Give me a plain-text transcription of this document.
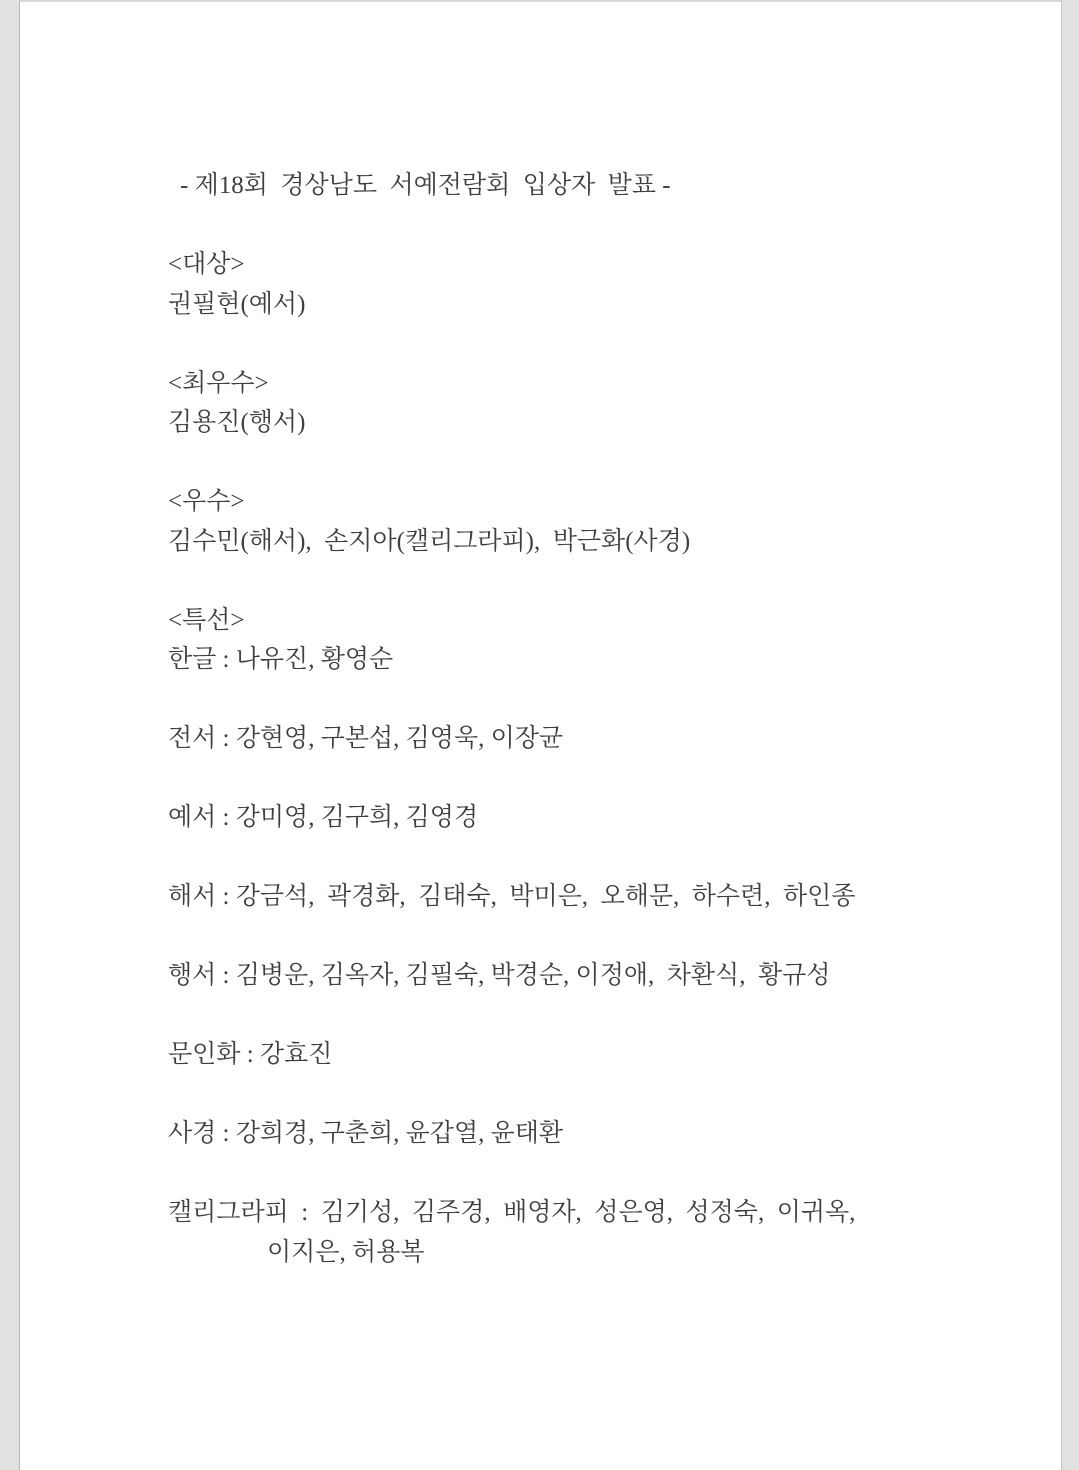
- 제18회  경상남도  서예전람회  입상자  발표 -
<대상>
권필현(예서)
<최우수>
김용진(행서)
<우수>
김수민(해서),  손지아(캘리그라피),  박근화(사경)
<특선>
한글 : 나유진, 황영순
전서 : 강현영, 구본섭, 김영욱, 이장균
예서 : 강미영, 김구희, 김영경
해서 : 강금석,  곽경화,  김태숙,  박미은,  오해문,  하수련,  하인종
행서 : 김병운, 김옥자, 김필숙, 박경순, 이정애,  차환식,  황규성
문인화 : 강효진
사경 : 강희경, 구춘희, 윤갑열, 윤태환
캘리그라피  :  김기성,  김주경,  배영자,  성은영,  성정숙,  이귀옥,
이지은, 허용복
